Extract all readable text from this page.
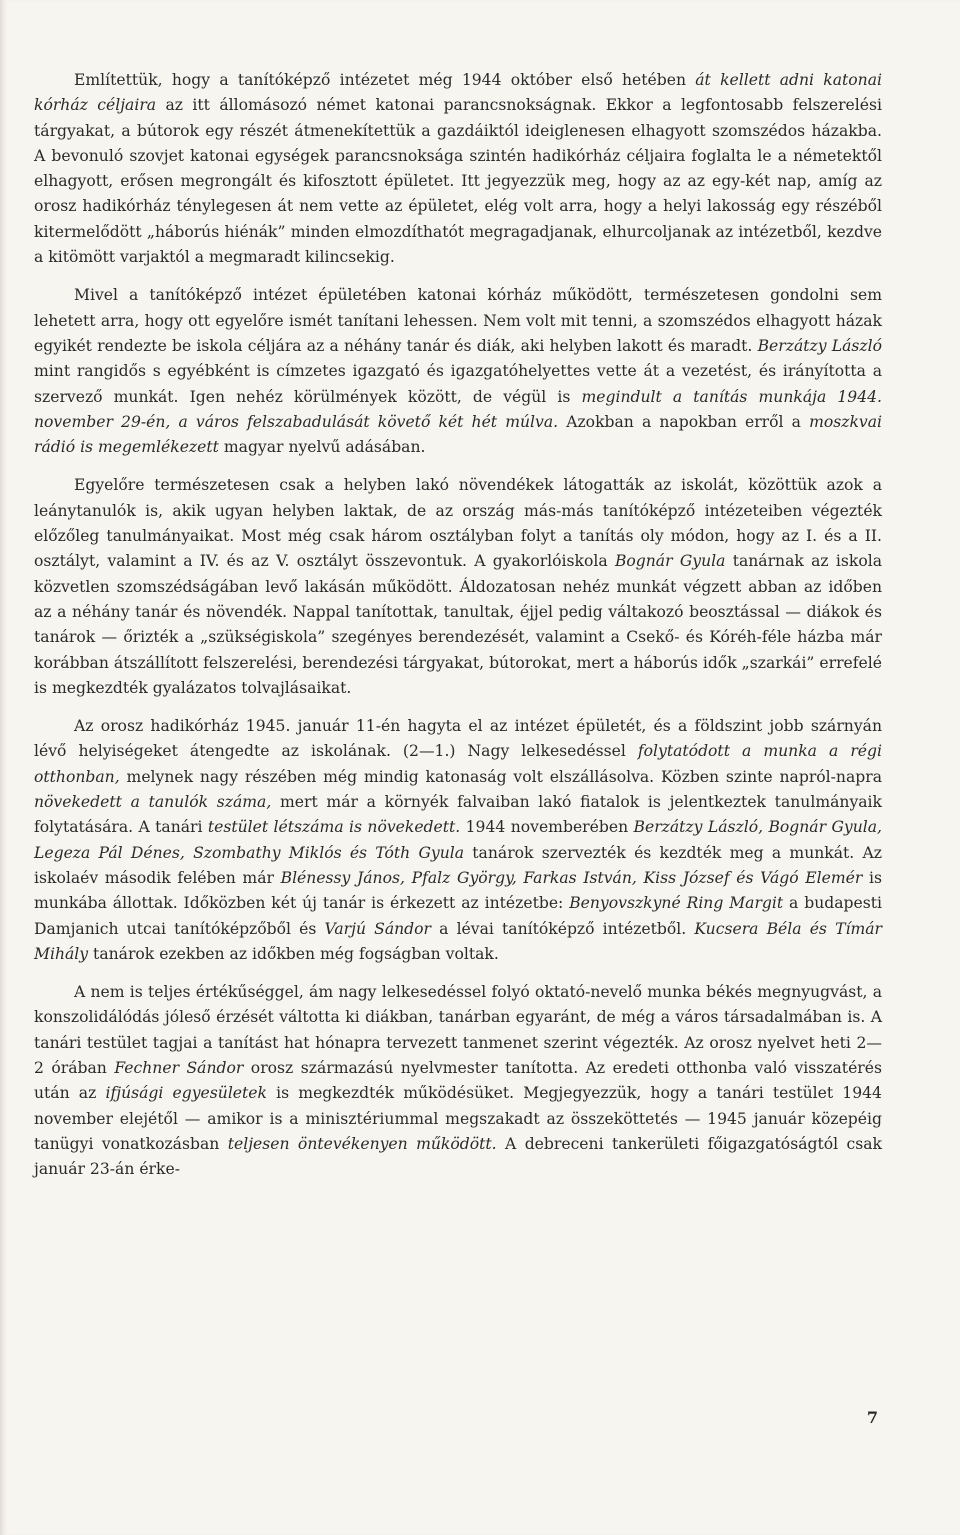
Említettük, hogy a tanítóképző intézetet még 1944 október első hetében át kellett adni katonai kórház céljaira az itt állomásozó német katonai parancsnokságnak. Ekkor a legfontosabb felszerelési tárgyakat, a bútorok egy részét átmenekítettük a gazdáiktól ideiglenesen elhagyott szomszédos házakba. A bevonuló szovjet katonai egységek parancsnoksága szintén hadikórház céljaira foglalta le a németektől elhagyott, erősen megrongált és kifosztott épületet. Itt jegyezzük meg, hogy az az egy-két nap, amíg az orosz hadikórház ténylegesen át nem vette az épületet, elég volt arra, hogy a helyi lakosság egy részéből kitermelődött „háborús hiénák” minden elmozdíthatót megragadjanak, elhurcoljanak az intézetből, kezdve a kitömött varjaktól a megmaradt kilincsekig.

Mivel a tanítóképző intézet épületében katonai kórház működött, természetesen gondolni sem lehetett arra, hogy ott egyelőre ismét tanítani lehessen. Nem volt mit tenni, a szomszédos elhagyott házak egyikét rendezte be iskola céljára az a néhány tanár és diák, aki helyben lakott és maradt. Berzátzy László mint rangidős s egyébként is címzetes igazgató és igazgatóhelyettes vette át a vezetést, és irányította a szervező munkát. Igen nehéz körülmények között, de végül is megindult a tanítás munkája 1944. november 29-én, a város felszabadulását követő két hét múlva. Azokban a napokban erről a moszkvai rádió is megemlékezett magyar nyelvű adásában.

Egyelőre természetesen csak a helyben lakó növendékek látogatták az iskolát, közöttük azok a leánytanulók is, akik ugyan helyben laktak, de az ország más-más tanítóképző intézeteiben végezték előzőleg tanulmányaikat. Most még csak három osztályban folyt a tanítás oly módon, hogy az I. és a II. osztályt, valamint a IV. és az V. osztályt összevontuk. A gyakorlóiskola Bognár Gyula tanárnak az iskola közvetlen szomszédságában levő lakásán működött. Áldozatosan nehéz munkát végzett abban az időben az a néhány tanár és növendék. Nappal tanítottak, tanultak, éjjel pedig váltakozó beosztással — diákok és tanárok — őrizték a „szükségiskola” szegényes berendezését, valamint a Csekő- és Kóréh-féle házba már korábban átszállított felszerelési, berendezési tárgyakat, bútorokat, mert a háborús idők „szarkái” errefelé is megkezdték gyalázatos tolvajlásaikat.

Az orosz hadikórház 1945. január 11-én hagyta el az intézet épületét, és a földszint jobb szárnyán lévő helyiségeket átengedte az iskolának. (2—1.) Nagy lelkesedéssel folytatódott a munka a régi otthonban, melynek nagy részében még mindig katonaság volt elszállásolva. Közben szinte napról-napra növekedett a tanulók száma, mert már a környék falvaiban lakó fiatalok is jelentkeztek tanulmányaik folytatására. A tanári testület létszáma is növekedett. 1944 novemberében Berzátzy László, Bognár Gyula, Legeza Pál Dénes, Szombathy Miklós és Tóth Gyula tanárok szervezték és kezdték meg a munkát. Az iskolaév második felében már Blénessy János, Pfalz György, Farkas István, Kiss József és Vágó Elemér is munkába állottak. Időközben két új tanár is érkezett az intézetbe: Benyovszkyné Ring Margit a budapesti Damjanich utcai tanítóképzőből és Varjú Sándor a lévai tanítóképző intézetből. Kucsera Béla és Tímár Mihály tanárok ezekben az időkben még fogságban voltak.

A nem is teljes értékűséggel, ám nagy lelkesedéssel folyó oktató-nevelő munka békés megnyugvást, a konszolidálódás jóleső érzését váltotta ki diákban, tanárban egyaránt, de még a város társadalmában is. A tanári testület tagjai a tanítást hat hónapra tervezett tanmenet szerint végezték. Az orosz nyelvet heti 2—2 órában Fechner Sándor orosz származású nyelvmester tanította. Az eredeti otthonba való visszatérés után az ifjúsági egyesületek is megkezdték működésüket. Megjegyezzük, hogy a tanári testület 1944 november elejétől — amikor is a minisztériummal megszakadt az összeköttetés — 1945 január közepéig tanügyi vonatkozásban teljesen öntevékenyen működött. A debreceni tankerületi főigazgatóságtól csak január 23-án érke-

7
